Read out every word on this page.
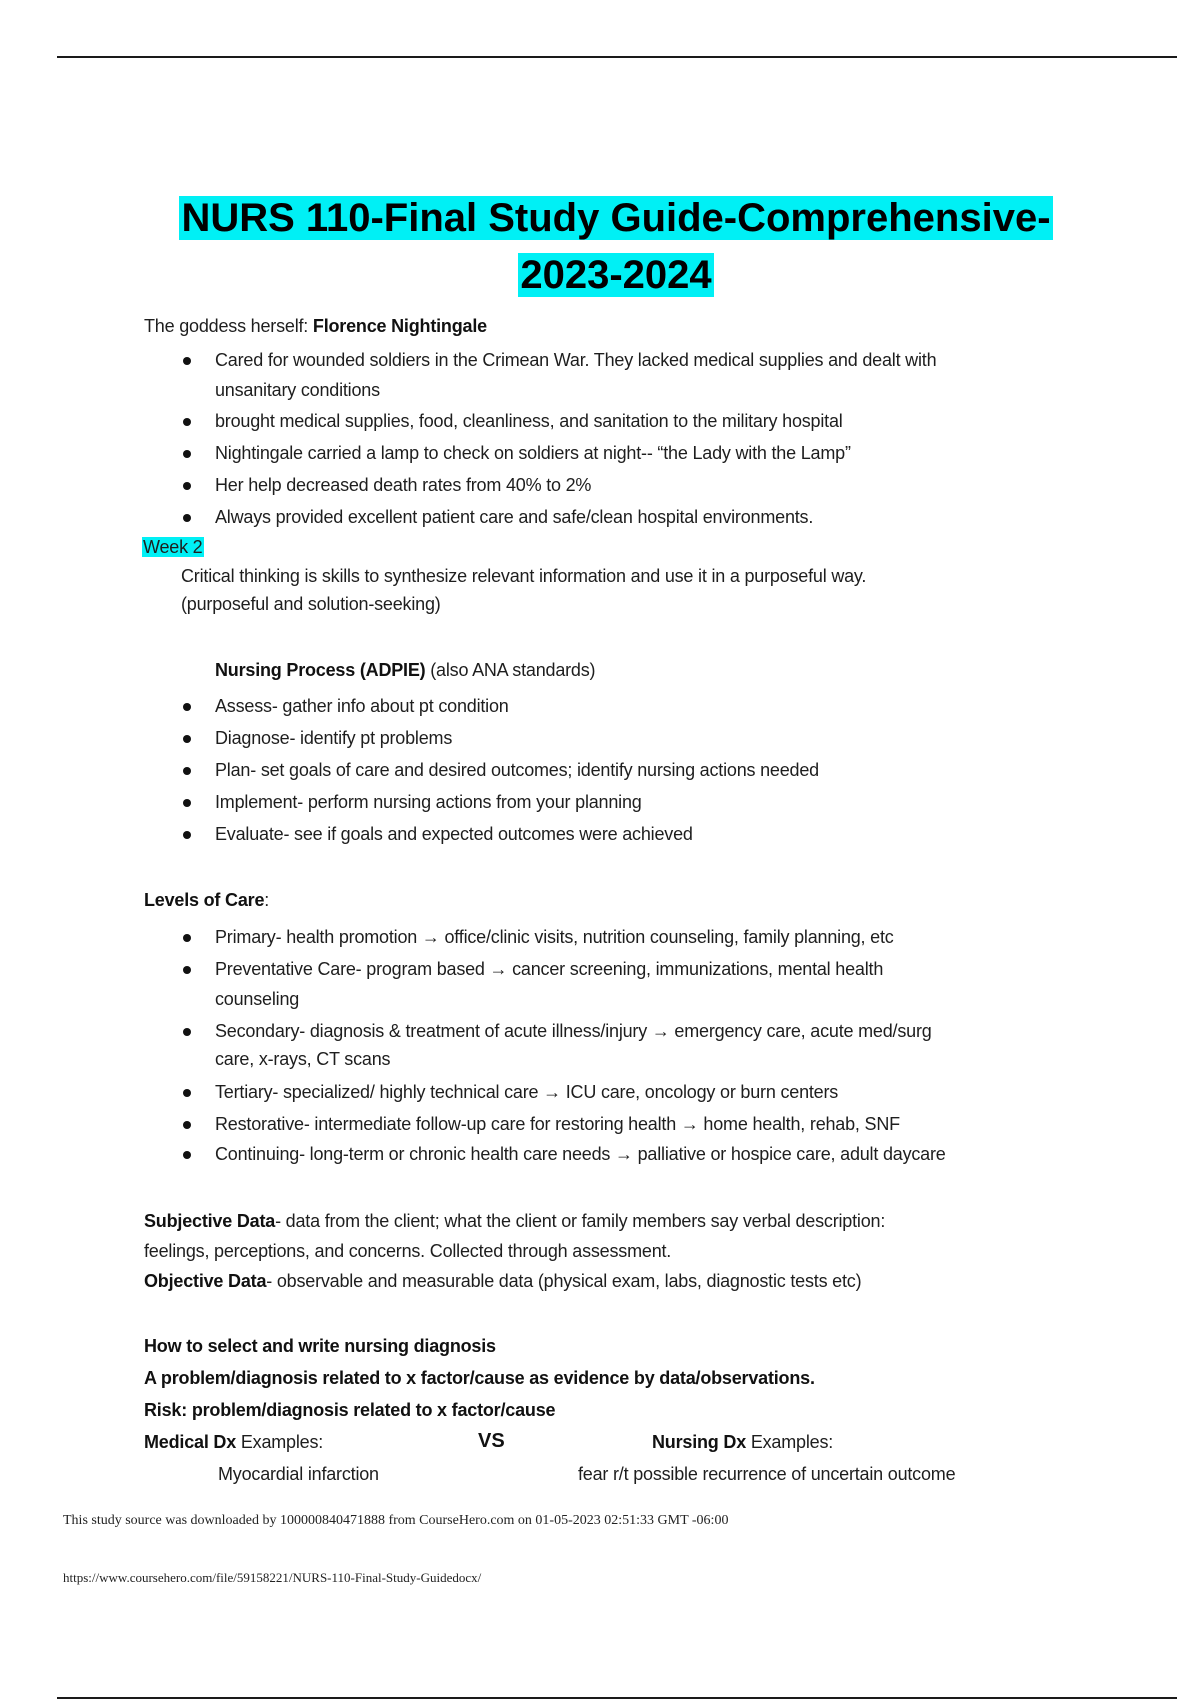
NURS 110-Final Study Guide-Comprehensive-
2023-2024
The goddess herself: Florence Nightingale
Cared for wounded soldiers in the Crimean War. They lacked medical supplies and dealt with
unsanitary conditions
brought medical supplies, food, cleanliness, and sanitation to the military hospital
Nightingale carried a lamp to check on soldiers at night-- “the Lady with the Lamp”
Her help decreased death rates from 40% to 2%
Always provided excellent patient care and safe/clean hospital environments.
Week 2
Critical thinking is skills to synthesize relevant information and use it in a purposeful way.
(purposeful and solution-seeking)
Nursing Process (ADPIE) (also ANA standards)
Assess- gather info about pt condition
Diagnose- identify pt problems
Plan- set goals of care and desired outcomes; identify nursing actions needed
Implement- perform nursing actions from your planning
Evaluate- see if goals and expected outcomes were achieved
Levels of Care:
Primary- health promotion → office/clinic visits, nutrition counseling, family planning, etc
Preventative Care- program based → cancer screening, immunizations, mental health
counseling
Secondary- diagnosis & treatment of acute illness/injury → emergency care, acute med/surg
care, x-rays, CT scans
Tertiary- specialized/ highly technical care → ICU care, oncology or burn centers
Restorative- intermediate follow-up care for restoring health → home health, rehab, SNF
Continuing- long-term or chronic health care needs → palliative or hospice care, adult daycare
Subjective Data- data from the client; what the client or family members say verbal description:
feelings, perceptions, and concerns. Collected through assessment.
Objective Data- observable and measurable data (physical exam, labs, diagnostic tests etc)
How to select and write nursing diagnosis
A problem/diagnosis related to x factor/cause as evidence by data/observations.
Risk: problem/diagnosis related to x factor/cause
Medical Dx Examples:	VS	Nursing Dx Examples:
Myocardial infarction	fear r/t possible recurrence of uncertain outcome
This study source was downloaded by 100000840471888 from CourseHero.com on 01-05-2023 02:51:33 GMT -06:00
https://www.coursehero.com/file/59158221/NURS-110-Final-Study-Guidedocx/
